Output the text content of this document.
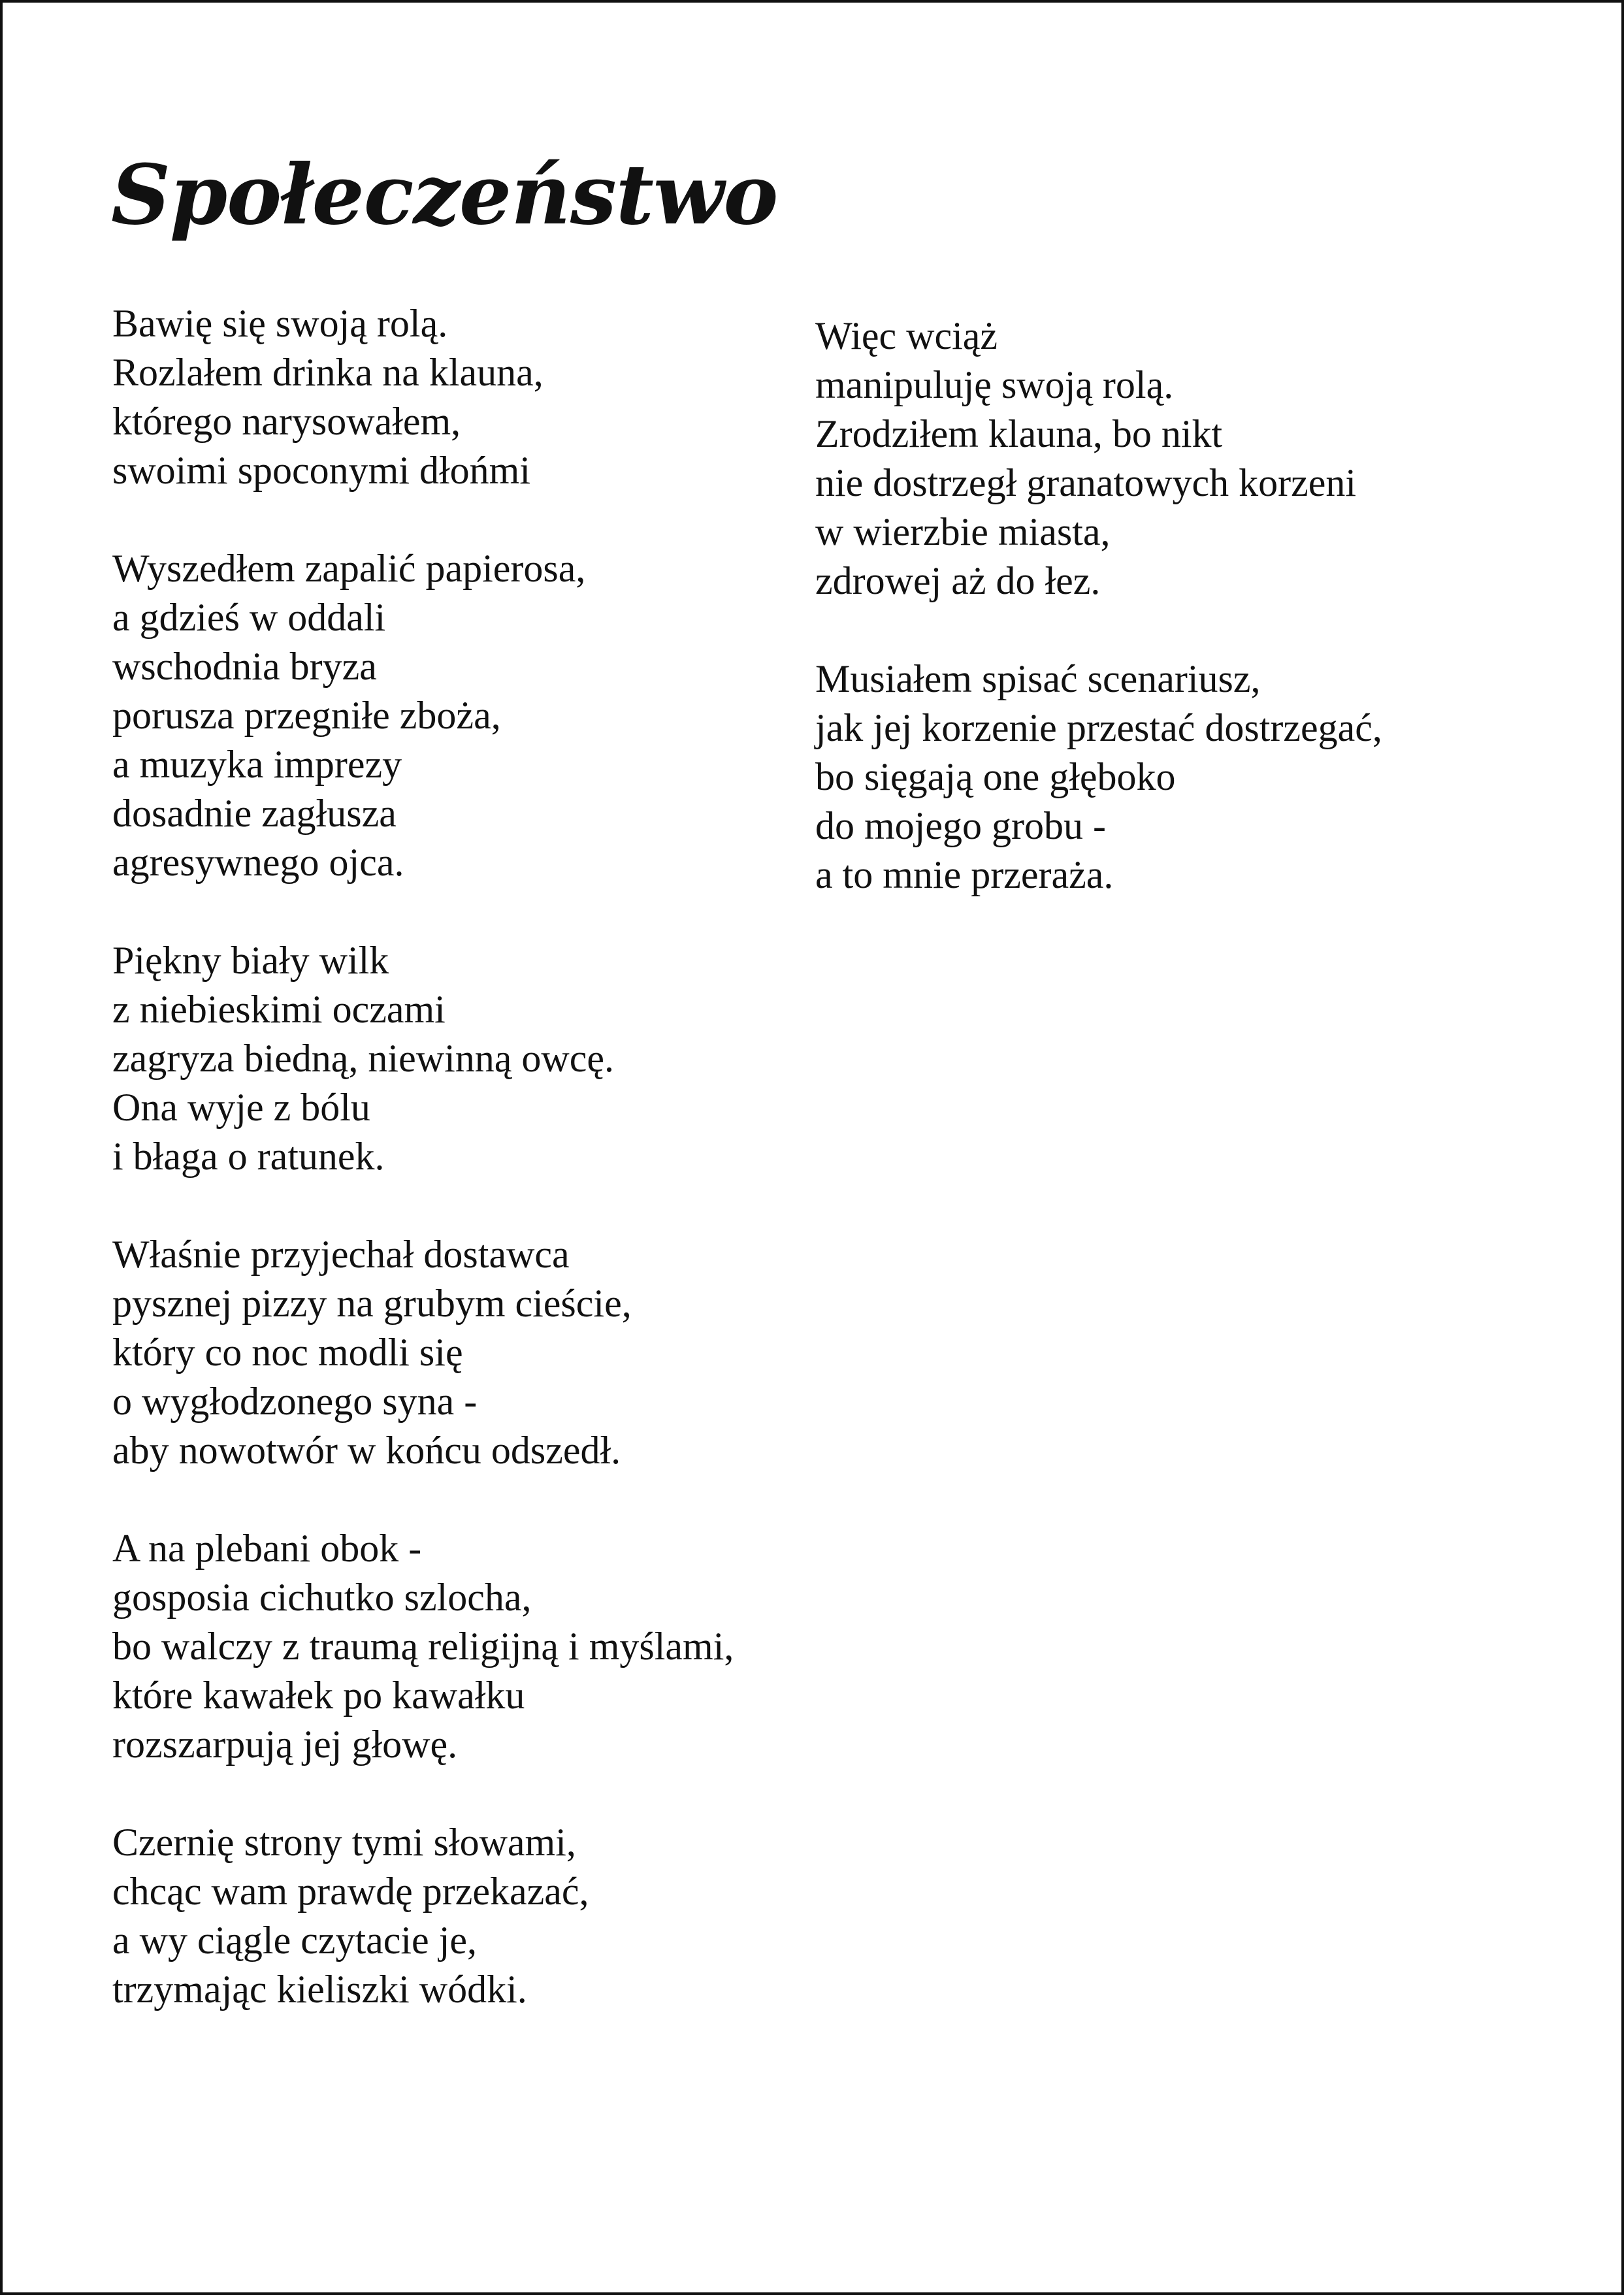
Społeczeństwo
Bawię się swoją rolą.
Rozlałem drinka na klauna,
którego narysowałem,
swoimi spoconymi dłońmi
Wyszedłem zapalić papierosa,
a gdzieś w oddali
wschodnia bryza
porusza przegniłe zboża,
a muzyka imprezy
dosadnie zagłusza
agresywnego ojca.
Piękny biały wilk
z niebieskimi oczami
zagryza biedną, niewinną owcę.
Ona wyje z bólu
i błaga o ratunek.
Właśnie przyjechał dostawca
pysznej pizzy na grubym cieście,
który co noc modli się
o wygłodzonego syna -
aby nowotwór w końcu odszedł.
A na plebani obok -
gosposia cichutko szlocha,
bo walczy z traumą religijną i myślami,
które kawałek po kawałku
rozszarpują jej głowę.
Czernię strony tymi słowami,
chcąc wam prawdę przekazać,
a wy ciągle czytacie je,
trzymając kieliszki wódki.
Więc wciąż
manipuluję swoją rolą.
Zrodziłem klauna, bo nikt
nie dostrzegł granatowych korzeni
w wierzbie miasta,
zdrowej aż do łez.
Musiałem spisać scenariusz,
jak jej korzenie przestać dostrzegać,
bo sięgają one głęboko
do mojego grobu -
a to mnie przeraża.
